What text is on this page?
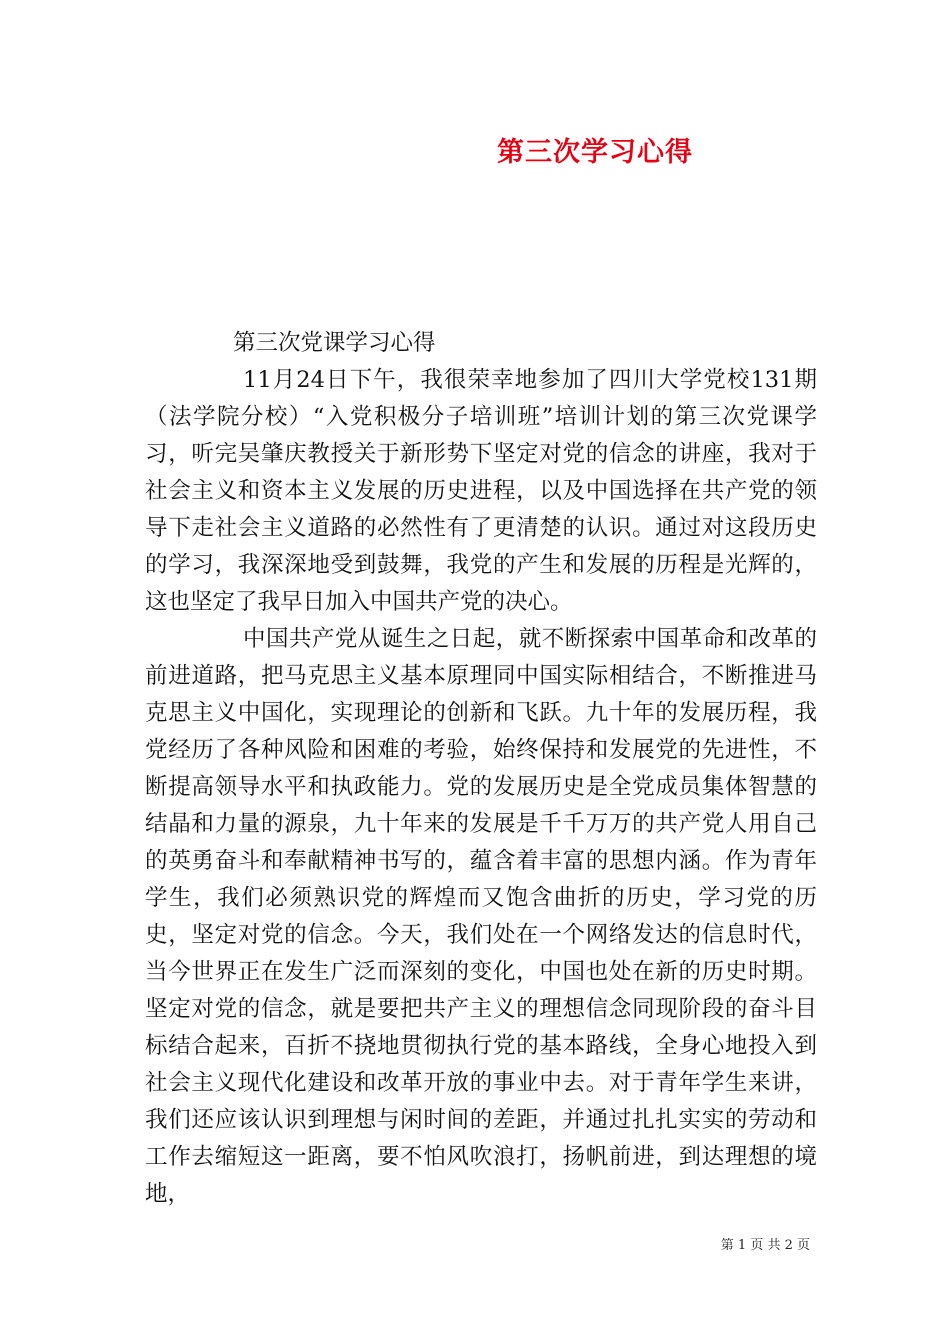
第三次学习心得

第三次党课学习心得

11月24日下午，我很荣幸地参加了四川大学党校131期（法学院分校）“入党积极分子培训班”培训计划的第三次党课学习，听完吴肇庆教授关于新形势下坚定对党的信念的讲座，我对于社会主义和资本主义发展的历史进程，以及中国选择在共产党的领导下走社会主义道路的必然性有了更清楚的认识。通过对这段历史的学习，我深深地受到鼓舞，我党的产生和发展的历程是光辉的，这也坚定了我早日加入中国共产党的决心。

中国共产党从诞生之日起，就不断探索中国革命和改革的前进道路，把马克思主义基本原理同中国实际相结合，不断推进马克思主义中国化，实现理论的创新和飞跃。九十年的发展历程，我党经历了各种风险和困难的考验，始终保持和发展党的先进性，不断提高领导水平和执政能力。党的发展历史是全党成员集体智慧的结晶和力量的源泉，九十年来的发展是千千万万的共产党人用自己的英勇奋斗和奉献精神书写的，蕴含着丰富的思想内涵。作为青年学生，我们必须熟识党的辉煌而又饱含曲折的历史，学习党的历史，坚定对党的信念。今天，我们处在一个网络发达的信息时代，当今世界正在发生广泛而深刻的变化，中国也处在新的历史时期。坚定对党的信念，就是要把共产主义的理想信念同现阶段的奋斗目标结合起来，百折不挠地贯彻执行党的基本路线，全身心地投入到社会主义现代化建设和改革开放的事业中去。对于青年学生来讲，我们还应该认识到理想与闲时间的差距，并通过扎扎实实的劳动和工作去缩短这一距离，要不怕风吹浪打，扬帆前进，到达理想的境地，

第 1 页 共 2 页
